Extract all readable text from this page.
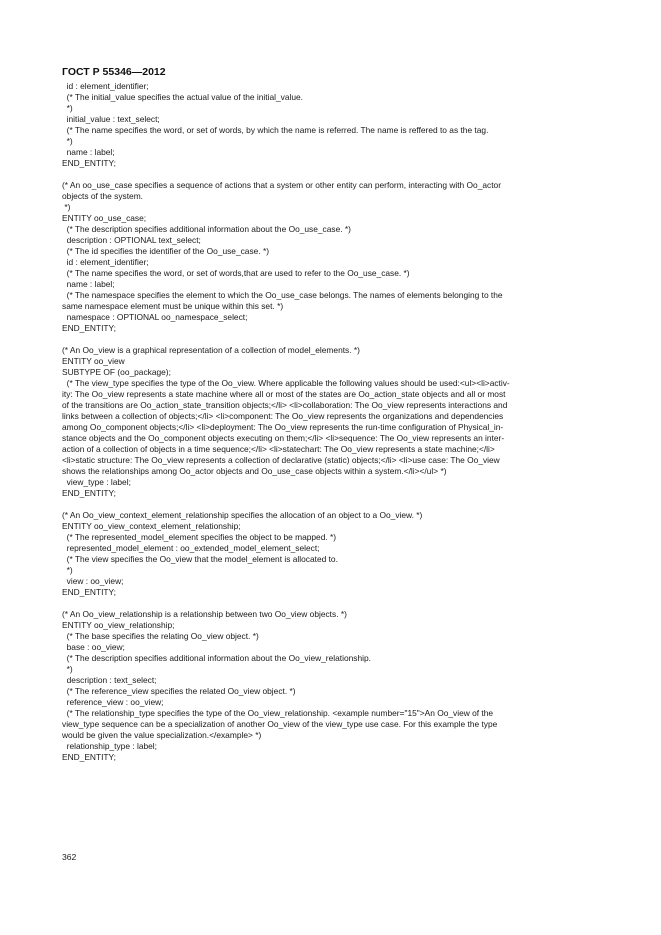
ГОСТ Р 55346—2012
id : element_identifier;
(* The initial_value specifies the actual value of the initial_value.
*)
initial_value : text_select;
(* The name specifies the word, or set of words, by which the name is referred. The name is reffered to as the tag.
*)
name : label;
END_ENTITY;
(* An oo_use_case specifies a sequence of actions that a system or other entity can perform, interacting with Oo_actor
objects of the system.
*)
ENTITY oo_use_case;
(* The description specifies additional information about the Oo_use_case. *)
description : OPTIONAL text_select;
(* The id specifies the identifier of the Oo_use_case. *)
id : element_identifier;
(* The name specifies the word, or set of words,that are used to refer to the Oo_use_case. *)
name : label;
(* The namespace specifies the element to which the Oo_use_case belongs. The names of elements belonging to the
same namespace element must be unique within this set. *)
namespace : OPTIONAL oo_namespace_select;
END_ENTITY;
(* An Oo_view is a graphical representation of a collection of model_elements. *)
ENTITY oo_view
SUBTYPE OF (oo_package);
(* The view_type specifies the type of the Oo_view. Where applicable the following values should be used:<ul><li>activ-
ity: The Oo_view represents a state machine where all or most of the states are Oo_action_state objects and all or most
of the transitions are Oo_action_state_transition objects;</li> <li>collaboration: The Oo_view represents interactions and
links between a collection of objects;</li> <li>component: The Oo_view represents the organizations and dependencies
among Oo_component objects;</li> <li>deployment: The Oo_view represents the run-time configuration of Physical_in-
stance objects and the Oo_component objects executing on them;</li> <li>sequence: The Oo_view represents an inter-
action of a collection of objects in a time sequence;</li> <li>statechart: The Oo_view represents a state machine;</li>
<li>static structure: The Oo_view represents a collection of declarative (static) objects;</li> <li>use case: The Oo_view
shows the relationships among Oo_actor objects and Oo_use_case objects within a system.</li></ul> *)
view_type : label;
END_ENTITY;
(* An Oo_view_context_element_relationship specifies the allocation of an object to a Oo_view. *)
ENTITY oo_view_context_element_relationship;
(* The represented_model_element specifies the object to be mapped. *)
represented_model_element : oo_extended_model_element_select;
(* The view specifies the Oo_view that the model_element is allocated to.
*)
view : oo_view;
END_ENTITY;
(* An Oo_view_relationship is a relationship between two Oo_view objects. *)
ENTITY oo_view_relationship;
(* The base specifies the relating Oo_view object. *)
base : oo_view;
(* The description specifies additional information about the Oo_view_relationship.
*)
description : text_select;
(* The reference_view specifies the related Oo_view object. *)
reference_view : oo_view;
(* The relationship_type specifies the type of the Oo_view_relationship. <example number="15">An Oo_view of the
view_type sequence can be a specialization of another Oo_view of the view_type use case. For this example the type
would be given the value specialization.</example> *)
relationship_type : label;
END_ENTITY;
362
